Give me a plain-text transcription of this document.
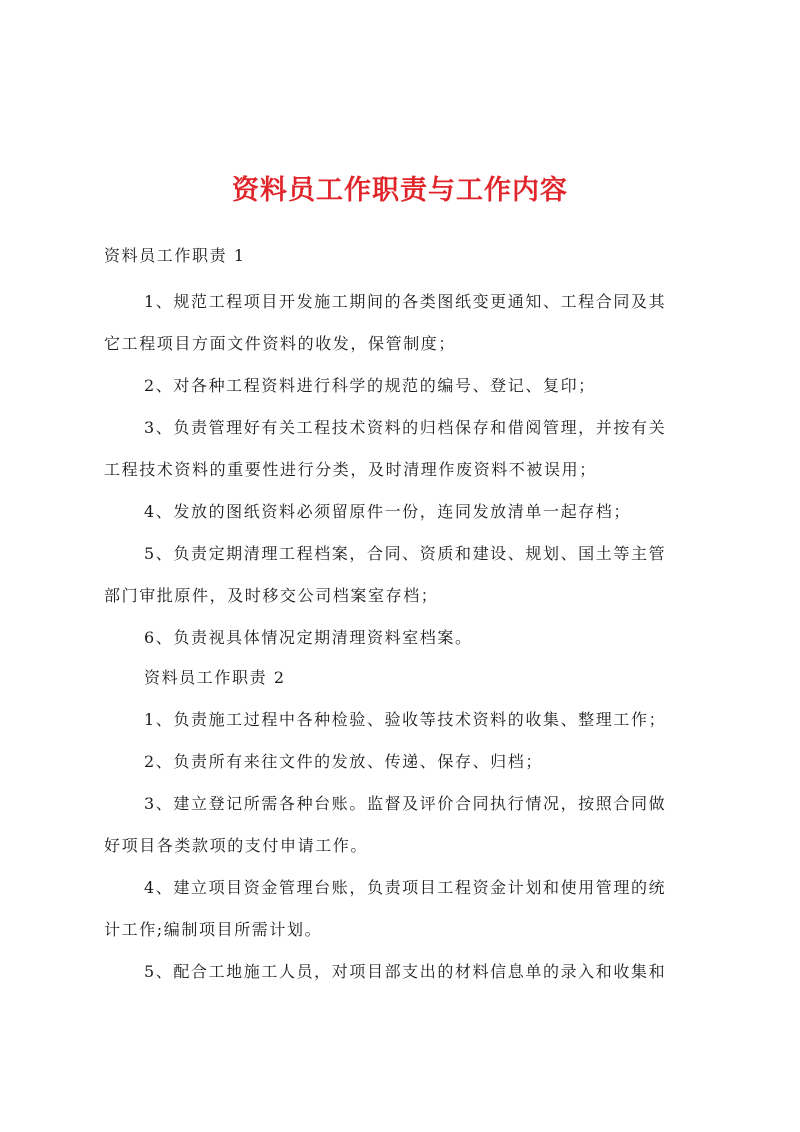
资料员工作职责与工作内容
资料员工作职责 1
1、规范工程项目开发施工期间的各类图纸变更通知、工程合同及其
它工程项目方面文件资料的收发，保管制度；
2、对各种工程资料进行科学的规范的编号、登记、复印；
3、负责管理好有关工程技术资料的归档保存和借阅管理，并按有关
工程技术资料的重要性进行分类，及时清理作废资料不被误用；
4、发放的图纸资料必须留原件一份，连同发放清单一起存档；
5、负责定期清理工程档案，合同、资质和建设、规划、国土等主管
部门审批原件，及时移交公司档案室存档；
6、负责视具体情况定期清理资料室档案。
资料员工作职责 2
1、负责施工过程中各种检验、验收等技术资料的收集、整理工作；
2、负责所有来往文件的发放、传递、保存、归档；
3、建立登记所需各种台账。监督及评价合同执行情况，按照合同做
好项目各类款项的支付申请工作。
4、建立项目资金管理台账，负责项目工程资金计划和使用管理的统
计工作;编制项目所需计划。
5、配合工地施工人员，对项目部支出的材料信息单的录入和收集和
